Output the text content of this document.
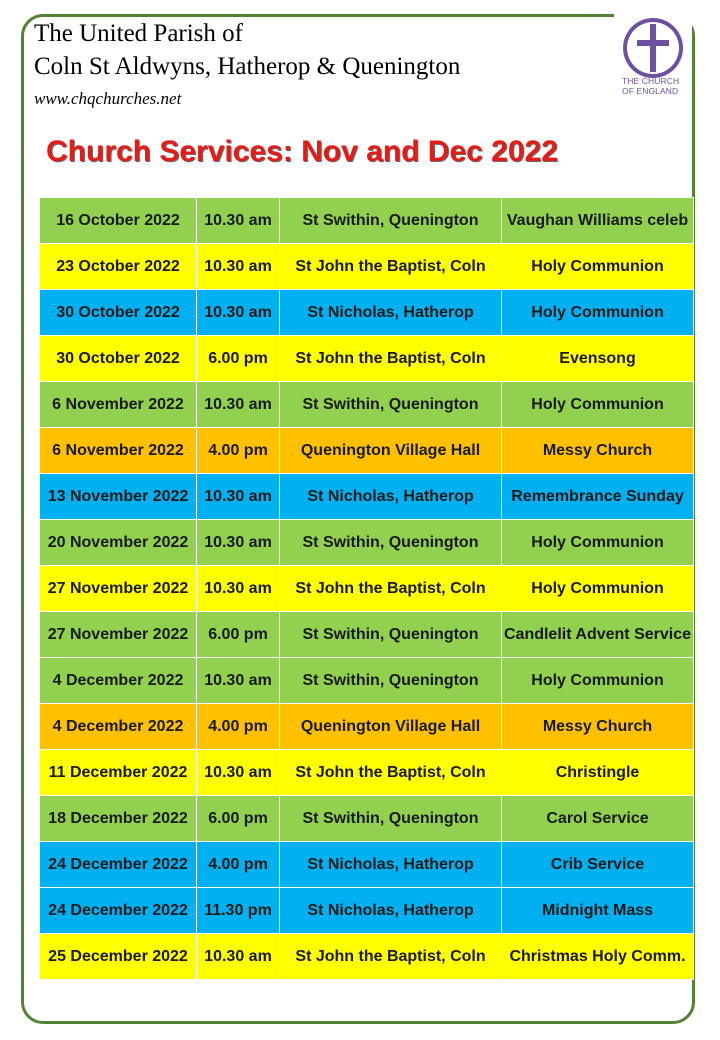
The United Parish of
Coln St Aldwyns, Hatherop & Quenington
www.chqchurches.net
THE CHURCH
OF ENGLAND
Church Services: Nov and Dec 2022
16 October 2022	10.30 am	St Swithin, Quenington	Vaughan Williams celeb
23 October 2022	10.30 am	St John the Baptist, Coln	Holy Communion
30 October 2022	10.30 am	St Nicholas, Hatherop	Holy Communion
30 October 2022	6.00 pm	St John the Baptist, Coln	Evensong
6 November 2022	10.30 am	St Swithin, Quenington	Holy Communion
6 November 2022	4.00 pm	Quenington Village Hall	Messy Church
13 November 2022	10.30 am	St Nicholas, Hatherop	Remembrance Sunday
20 November 2022	10.30 am	St Swithin, Quenington	Holy Communion
27 November 2022	10.30 am	St John the Baptist, Coln	Holy Communion
27 November 2022	6.00 pm	St Swithin, Quenington	Candlelit Advent Service
4 December 2022	10.30 am	St Swithin, Quenington	Holy Communion
4 December 2022	4.00 pm	Quenington Village Hall	Messy Church
11 December 2022	10.30 am	St John the Baptist, Coln	Christingle
18 December 2022	6.00 pm	St Swithin, Quenington	Carol Service
24 December 2022	4.00 pm	St Nicholas, Hatherop	Crib Service
24 December 2022	11.30 pm	St Nicholas, Hatherop	Midnight Mass
25 December 2022	10.30 am	St John the Baptist, Coln	Christmas Holy Comm.
